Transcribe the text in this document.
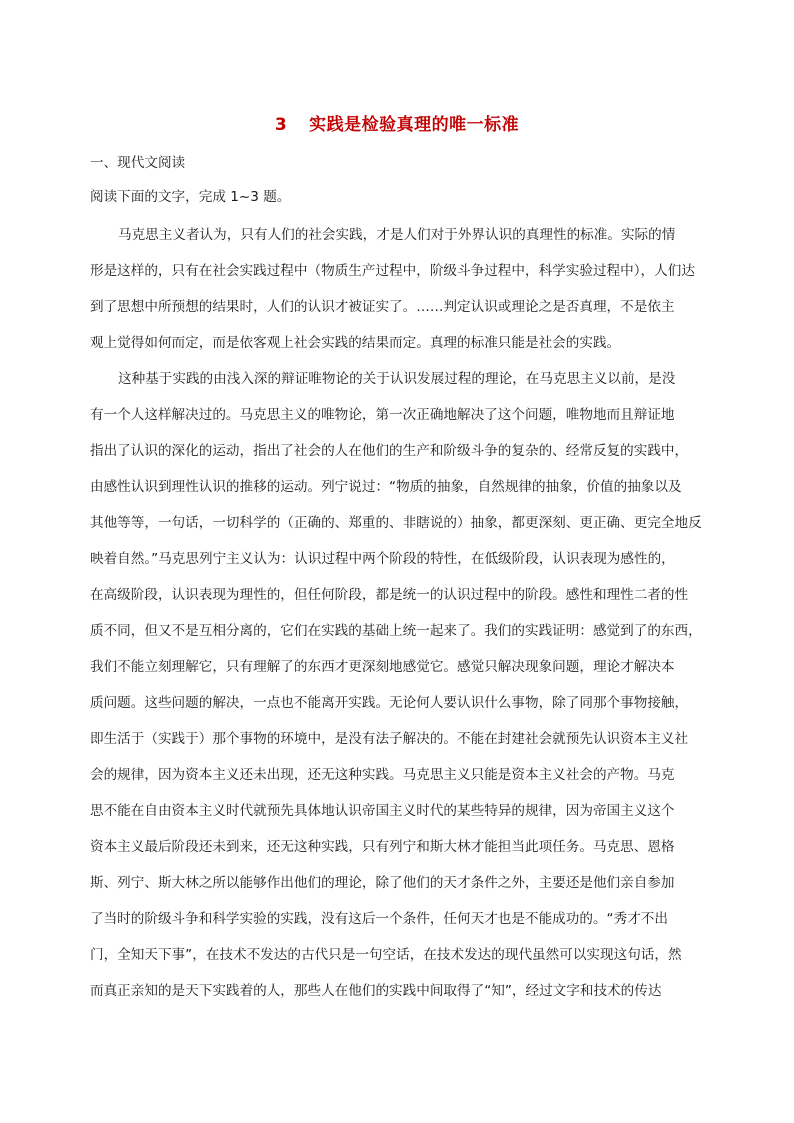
3 实践是检验真理的唯一标准
一、现代文阅读
阅读下面的文字，完成 1~3 题。
马克思主义者认为，只有人们的社会实践，才是人们对于外界认识的真理性的标准。实际的情
形是这样的，只有在社会实践过程中（物质生产过程中，阶级斗争过程中，科学实验过程中），人们达
到了思想中所预想的结果时，人们的认识才被证实了。……判定认识或理论之是否真理，不是依主
观上觉得如何而定，而是依客观上社会实践的结果而定。真理的标准只能是社会的实践。
这种基于实践的由浅入深的辩证唯物论的关于认识发展过程的理论，在马克思主义以前，是没
有一个人这样解决过的。马克思主义的唯物论，第一次正确地解决了这个问题，唯物地而且辩证地
指出了认识的深化的运动，指出了社会的人在他们的生产和阶级斗争的复杂的、经常反复的实践中，
由感性认识到理性认识的推移的运动。列宁说过：“物质的抽象，自然规律的抽象，价值的抽象以及
其他等等，一句话，一切科学的（正确的、郑重的、非瞎说的）抽象，都更深刻、更正确、更完全地反
映着自然。”马克思列宁主义认为：认识过程中两个阶段的特性，在低级阶段，认识表现为感性的，
在高级阶段，认识表现为理性的，但任何阶段，都是统一的认识过程中的阶段。感性和理性二者的性
质不同，但又不是互相分离的，它们在实践的基础上统一起来了。我们的实践证明：感觉到了的东西，
我们不能立刻理解它，只有理解了的东西才更深刻地感觉它。感觉只解决现象问题，理论才解决本
质问题。这些问题的解决，一点也不能离开实践。无论何人要认识什么事物，除了同那个事物接触，
即生活于（实践于）那个事物的环境中，是没有法子解决的。不能在封建社会就预先认识资本主义社
会的规律，因为资本主义还未出现，还无这种实践。马克思主义只能是资本主义社会的产物。马克
思不能在自由资本主义时代就预先具体地认识帝国主义时代的某些特异的规律，因为帝国主义这个
资本主义最后阶段还未到来，还无这种实践，只有列宁和斯大林才能担当此项任务。马克思、恩格
斯、列宁、斯大林之所以能够作出他们的理论，除了他们的天才条件之外，主要还是他们亲自参加
了当时的阶级斗争和科学实验的实践，没有这后一个条件，任何天才也是不能成功的。“秀才不出
门，全知天下事”，在技术不发达的古代只是一句空话，在技术发达的现代虽然可以实现这句话，然
而真正亲知的是天下实践着的人，那些人在他们的实践中间取得了“知”，经过文字和技术的传达
